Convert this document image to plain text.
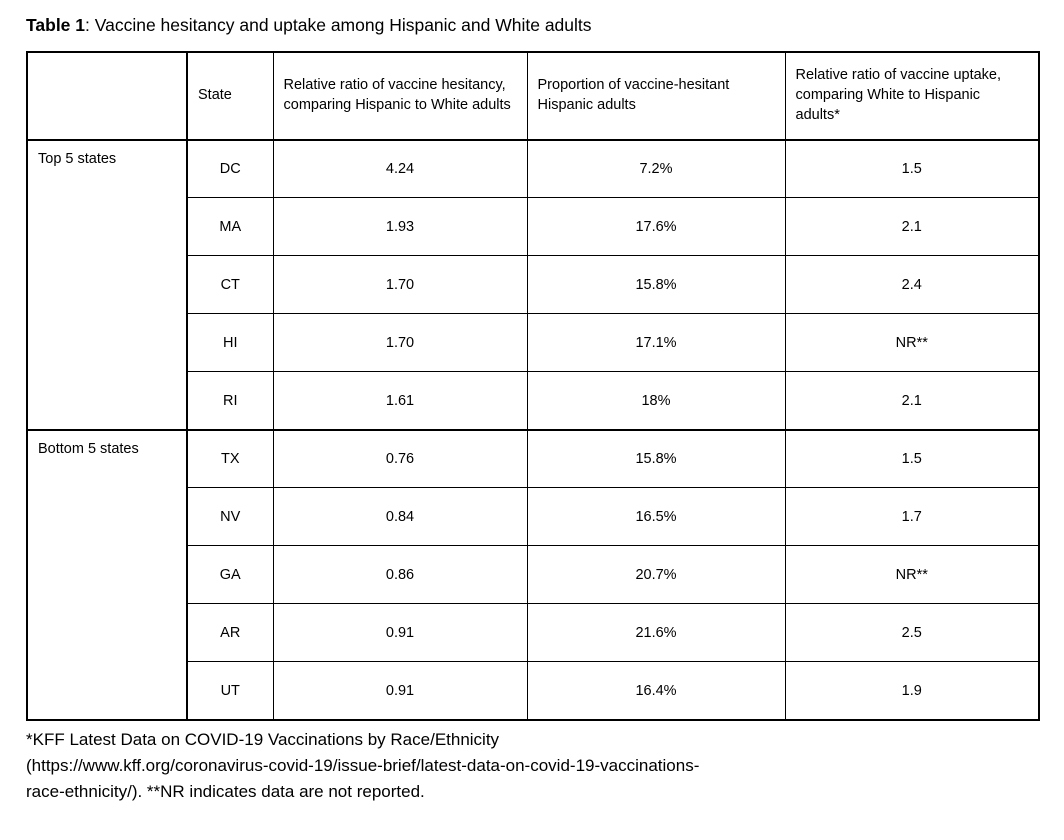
Table 1: Vaccine hesitancy and uptake among Hispanic and White adults
	State	Relative ratio of vaccine hesitancy, comparing Hispanic to White adults	Proportion of vaccine-hesitant Hispanic adults	Relative ratio of vaccine uptake, comparing White to Hispanic adults*
Top 5 states	DC	4.24	7.2%	1.5
	MA	1.93	17.6%	2.1
	CT	1.70	15.8%	2.4
	HI	1.70	17.1%	NR**
	RI	1.61	18%	2.1
Bottom 5 states	TX	0.76	15.8%	1.5
	NV	0.84	16.5%	1.7
	GA	0.86	20.7%	NR**
	AR	0.91	21.6%	2.5
	UT	0.91	16.4%	1.9
*KFF Latest Data on COVID-19 Vaccinations by Race/Ethnicity
(https://www.kff.org/coronavirus-covid-19/issue-brief/latest-data-on-covid-19-vaccinations-
race-ethnicity/). **NR indicates data are not reported.
